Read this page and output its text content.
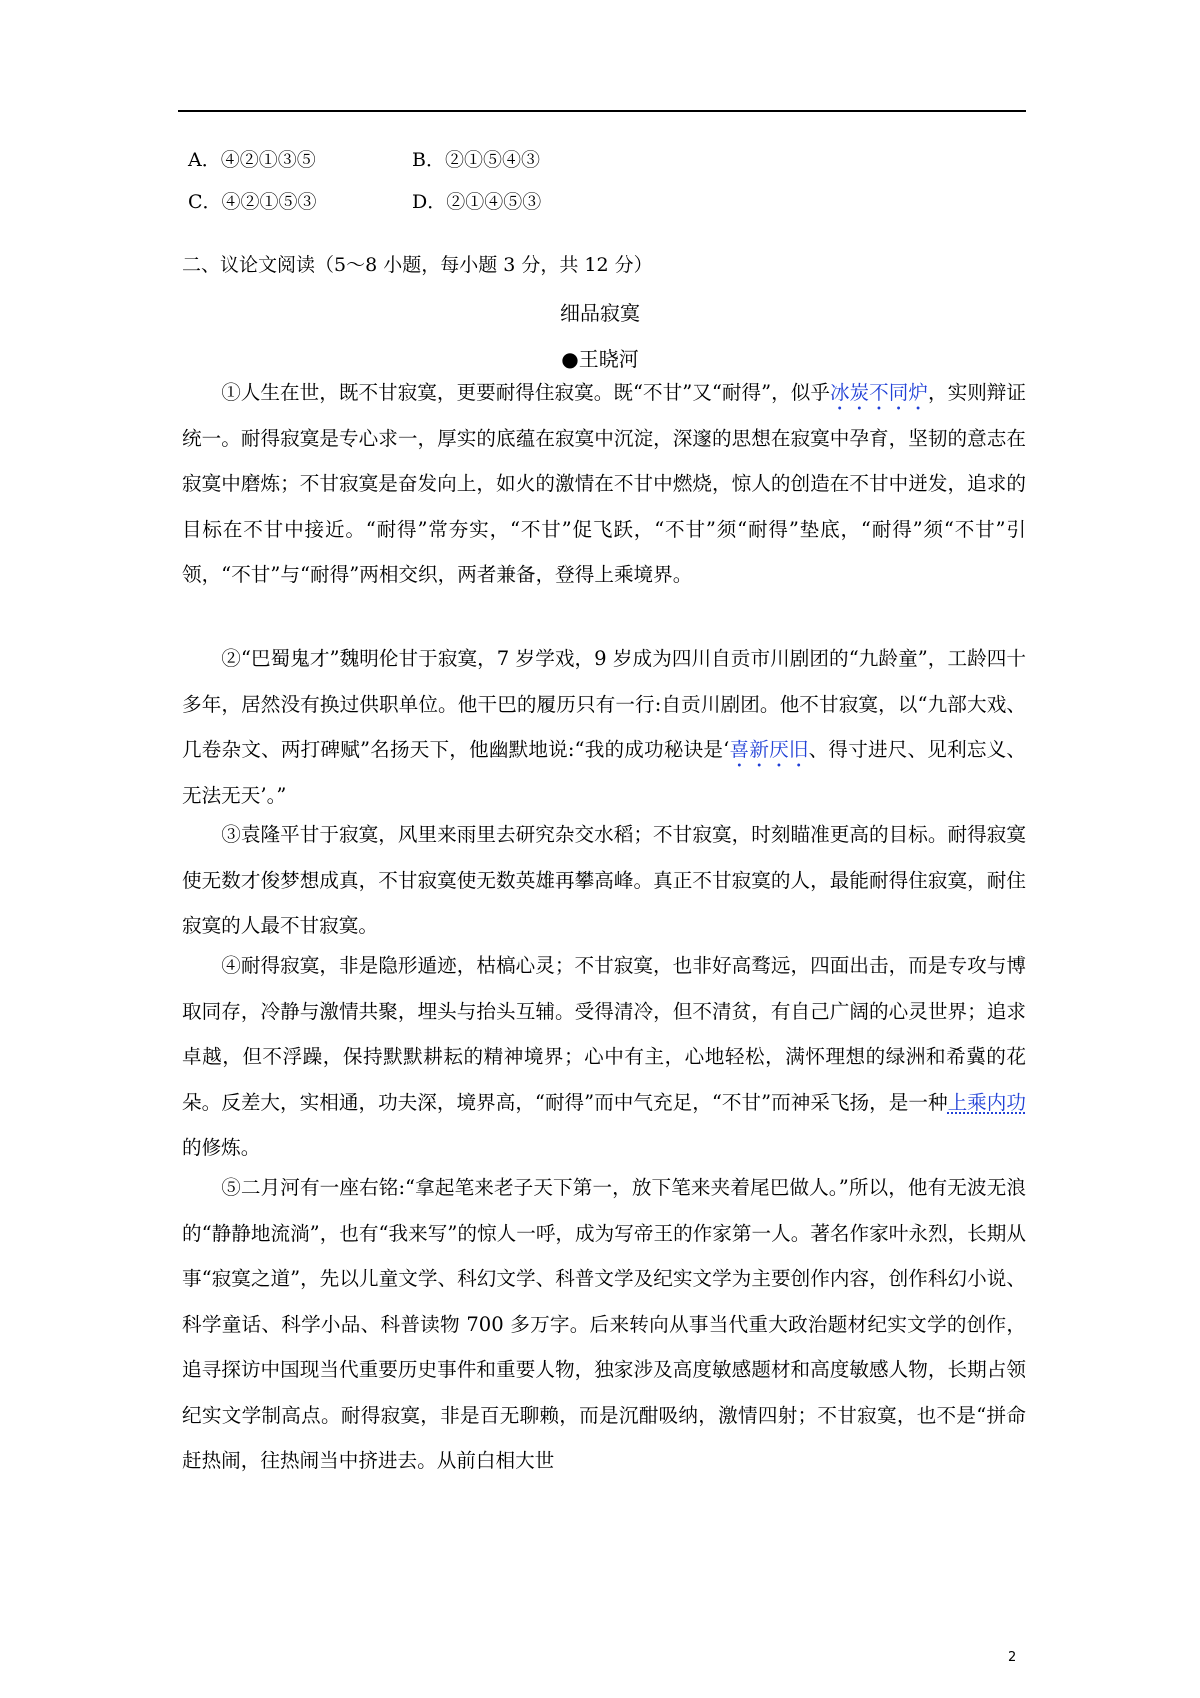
A．④②①③⑤	B．②①⑤④③
C．④②①⑤③	D．②①④⑤③
二、议论文阅读（5～8 小题，每小题 3 分，共 12 分）
细品寂寞
●王晓河

①人生在世，既不甘寂寞，更要耐得住寂寞。既“不甘”又“耐得”，似乎冰炭不同炉，实则辩证统一。耐得寂寞是专心求一，厚实的底蕴在寂寞中沉淀，深邃的思想在寂寞中孕育，坚韧的意志在寂寞中磨炼；不甘寂寞是奋发向上，如火的激情在不甘中燃烧，惊人的创造在不甘中迸发，追求的目标在不甘中接近。“耐得”常夯实，“不甘”促飞跃，“不甘”须“耐得”垫底，“耐得”须“不甘”引领，“不甘”与“耐得”两相交织，两者兼备，登得上乘境界。

②“巴蜀鬼才”魏明伦甘于寂寞，7 岁学戏，9 岁成为四川自贡市川剧团的“九龄童”，工龄四十多年，居然没有换过供职单位。他干巴的履历只有一行:自贡川剧团。他不甘寂寞，以“九部大戏、几卷杂文、两打碑赋”名扬天下，他幽默地说:“我的成功秘诀是‘喜新厌旧、得寸进尺、见利忘义、无法无天’。”

③袁隆平甘于寂寞，风里来雨里去研究杂交水稻；不甘寂寞，时刻瞄准更高的目标。耐得寂寞使无数才俊梦想成真，不甘寂寞使无数英雄再攀高峰。真正不甘寂寞的人，最能耐得住寂寞，耐住寂寞的人最不甘寂寞。

④耐得寂寞，非是隐形遁迹，枯槁心灵；不甘寂寞，也非好高骛远，四面出击，而是专攻与博取同存，冷静与激情共聚，埋头与抬头互辅。受得清冷，但不清贫，有自己广阔的心灵世界；追求卓越，但不浮躁，保持默默耕耘的精神境界；心中有主，心地轻松，满怀理想的绿洲和希冀的花朵。反差大，实相通，功夫深，境界高，“耐得”而中气充足，“不甘”而神采飞扬，是一种上乘内功的修炼。

⑤二月河有一座右铭:“拿起笔来老子天下第一，放下笔来夹着尾巴做人。”所以，他有无波无浪的“静静地流淌”，也有“我来写”的惊人一呼，成为写帝王的作家第一人。著名作家叶永烈，长期从事“寂寞之道”，先以儿童文学、科幻文学、科普文学及纪实文学为主要创作内容，创作科幻小说、科学童话、科学小品、科普读物 700 多万字。后来转向从事当代重大政治题材纪实文学的创作，追寻探访中国现当代重要历史事件和重要人物，独家涉及高度敏感题材和高度敏感人物，长期占领纪实文学制高点。耐得寂寞，非是百无聊赖，而是沉酣吸纳，激情四射；不甘寂寞，也不是“拼命赶热闹，往热闹当中挤进去。从前白相大世

2
